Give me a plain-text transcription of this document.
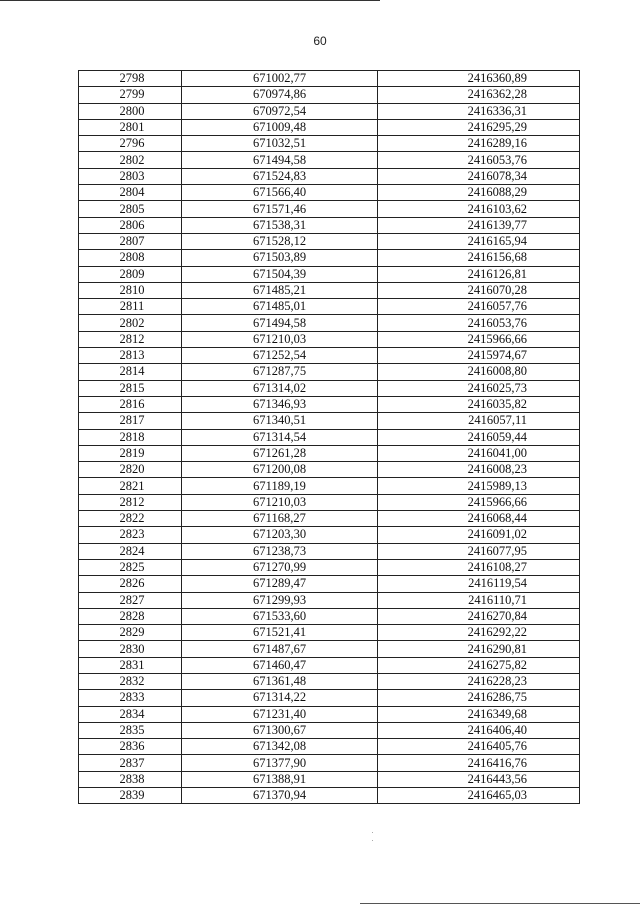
60
2798	671002,77	2416360,89
2799	670974,86	2416362,28
2800	670972,54	2416336,31
2801	671009,48	2416295,29
2796	671032,51	2416289,16
2802	671494,58	2416053,76
2803	671524,83	2416078,34
2804	671566,40	2416088,29
2805	671571,46	2416103,62
2806	671538,31	2416139,77
2807	671528,12	2416165,94
2808	671503,89	2416156,68
2809	671504,39	2416126,81
2810	671485,21	2416070,28
2811	671485,01	2416057,76
2802	671494,58	2416053,76
2812	671210,03	2415966,66
2813	671252,54	2415974,67
2814	671287,75	2416008,80
2815	671314,02	2416025,73
2816	671346,93	2416035,82
2817	671340,51	2416057,11
2818	671314,54	2416059,44
2819	671261,28	2416041,00
2820	671200,08	2416008,23
2821	671189,19	2415989,13
2812	671210,03	2415966,66
2822	671168,27	2416068,44
2823	671203,30	2416091,02
2824	671238,73	2416077,95
2825	671270,99	2416108,27
2826	671289,47	2416119,54
2827	671299,93	2416110,71
2828	671533,60	2416270,84
2829	671521,41	2416292,22
2830	671487,67	2416290,81
2831	671460,47	2416275,82
2832	671361,48	2416228,23
2833	671314,22	2416286,75
2834	671231,40	2416349,68
2835	671300,67	2416406,40
2836	671342,08	2416405,76
2837	671377,90	2416416,76
2838	671388,91	2416443,56
2839	671370,94	2416465,03
